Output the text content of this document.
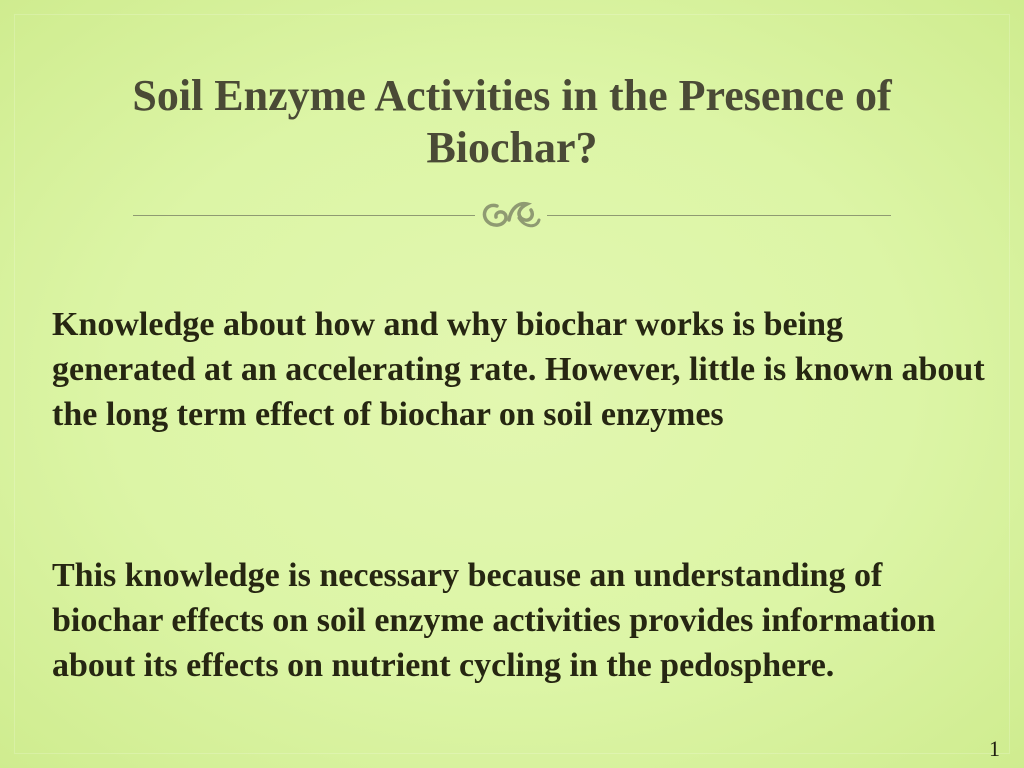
Soil Enzyme Activities in the Presence of Biochar?

Knowledge about how and why biochar works is being generated at an accelerating rate. However, little is known about the long term effect of biochar on soil enzymes

This knowledge is necessary because an understanding of biochar effects on soil enzyme activities provides information about its effects on nutrient cycling in the pedosphere.

1
